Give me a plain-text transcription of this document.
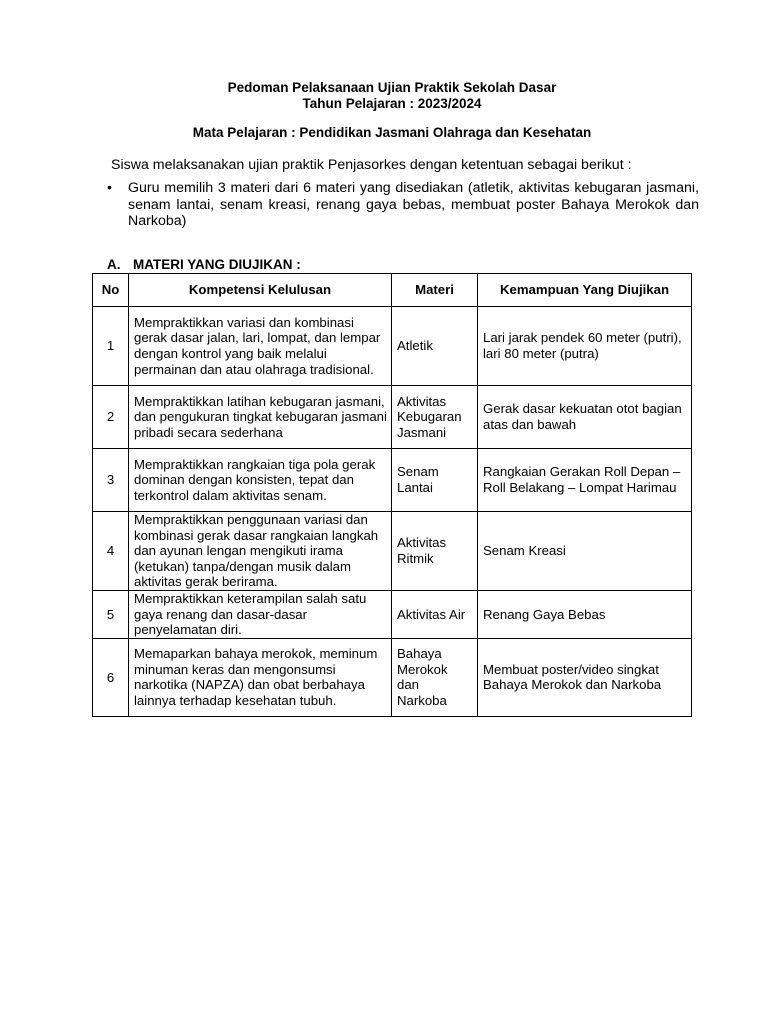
Pedoman Pelaksanaan Ujian Praktik Sekolah Dasar
Tahun Pelajaran : 2023/2024
Mata Pelajaran : Pendidikan Jasmani Olahraga dan Kesehatan
Siswa melaksanakan ujian praktik Penjasorkes dengan ketentuan sebagai berikut :
•	Guru memilih 3 materi dari 6 materi yang disediakan (atletik, aktivitas kebugaran jasmani, senam lantai, senam kreasi, renang gaya bebas, membuat poster Bahaya Merokok dan Narkoba)
A. MATERI YANG DIUJIKAN :
No	Kompetensi Kelulusan	Materi	Kemampuan Yang Diujikan
1	Mempraktikkan variasi dan kombinasi gerak dasar jalan, lari, lompat, dan lempar dengan kontrol yang baik melalui permainan dan atau olahraga tradisional.	Atletik	Lari jarak pendek 60 meter (putri), lari 80 meter (putra)
2	Mempraktikkan latihan kebugaran jasmani, dan pengukuran tingkat kebugaran jasmani pribadi secara sederhana	Aktivitas Kebugaran Jasmani	Gerak dasar kekuatan otot bagian atas dan bawah
3	Mempraktikkan rangkaian tiga pola gerak dominan dengan konsisten, tepat dan terkontrol dalam aktivitas senam.	Senam Lantai	Rangkaian Gerakan Roll Depan – Roll Belakang – Lompat Harimau
4	Mempraktikkan penggunaan variasi dan kombinasi gerak dasar rangkaian langkah dan ayunan lengan mengikuti irama (ketukan) tanpa/dengan musik dalam aktivitas gerak berirama.	Aktivitas Ritmik	Senam Kreasi
5	Mempraktikkan keterampilan salah satu gaya renang dan dasar-dasar penyelamatan diri.	Aktivitas Air	Renang Gaya Bebas
6	Memaparkan bahaya merokok, meminum minuman keras dan mengonsumsi narkotika (NAPZA) dan obat berbahaya lainnya terhadap kesehatan tubuh.	Bahaya Merokok dan Narkoba	Membuat poster/video singkat Bahaya Merokok dan Narkoba
